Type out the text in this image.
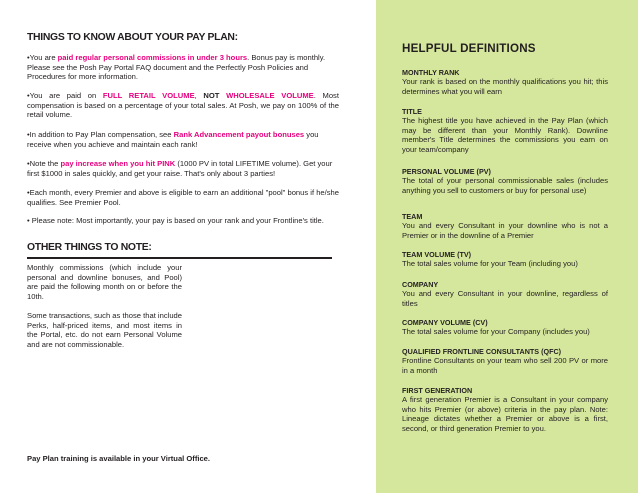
THINGS TO KNOW ABOUT YOUR PAY PLAN:
•You are paid regular personal commissions in under 3 hours. Bonus pay is monthly. Please see the Posh Pay Portal FAQ document and the Perfectly Posh Policies and Procedures for more information.
•You are paid on FULL RETAIL VOLUME, NOT WHOLESALE VOLUME. Most compensation is based on a percentage of your total sales. At Posh, we pay on 100% of the retail volume.
•In addition to Pay Plan compensation, see Rank Advancement payout bonuses you receive when you achieve and maintain each rank!
•Note the pay increase when you hit PINK (1000 PV in total LIFETIME volume). Get your first $1000 in sales quickly, and get your raise. That's only about 3 parties!
•Each month, every Premier and above is eligible to earn an additional "pool" bonus if he/she qualifies. See Premier Pool.
• Please note: Most importantly, your pay is based on your rank and your Frontline's title.
OTHER THINGS TO NOTE:
Monthly commissions (which include your personal and downline bonuses, and Pool) are paid the following month on or before the 10th.
Some transactions, such as those that include Perks, half-priced items, and most items in the Portal, etc. do not earn Personal Volume and are not commissionable.
Pay Plan training is available in your Virtual Office.
HELPFUL DEFINITIONS
MONTHLY RANK
Your rank is based on the monthly qualifications you hit; this determines what you will earn
TITLE
The highest title you have achieved in the Pay Plan (which may be different than your Monthly Rank). Downline member's Title determines the commissions you earn on your team/company
PERSONAL VOLUME (PV)
The total of your personal commissionable sales (includes anything you sell to customers or buy for personal use)
TEAM
You and every Consultant in your downline who is not a Premier or in the downline of a Premier
TEAM VOLUME (TV)
The total sales volume for your Team (including you)
COMPANY
You and every Consultant in your downline, regardless of titles
COMPANY VOLUME (CV)
The total sales volume for your Company (includes you)
QUALIFIED FRONTLINE CONSULTANTS (QFC)
Frontline Consultants on your team who sell 200 PV or more in a month
FIRST GENERATION
A first generation Premier is a Consultant in your company who hits Premier (or above) criteria in the pay plan. Note: Lineage dictates whether a Premier or above is a first, second, or third generation Premier to you.
